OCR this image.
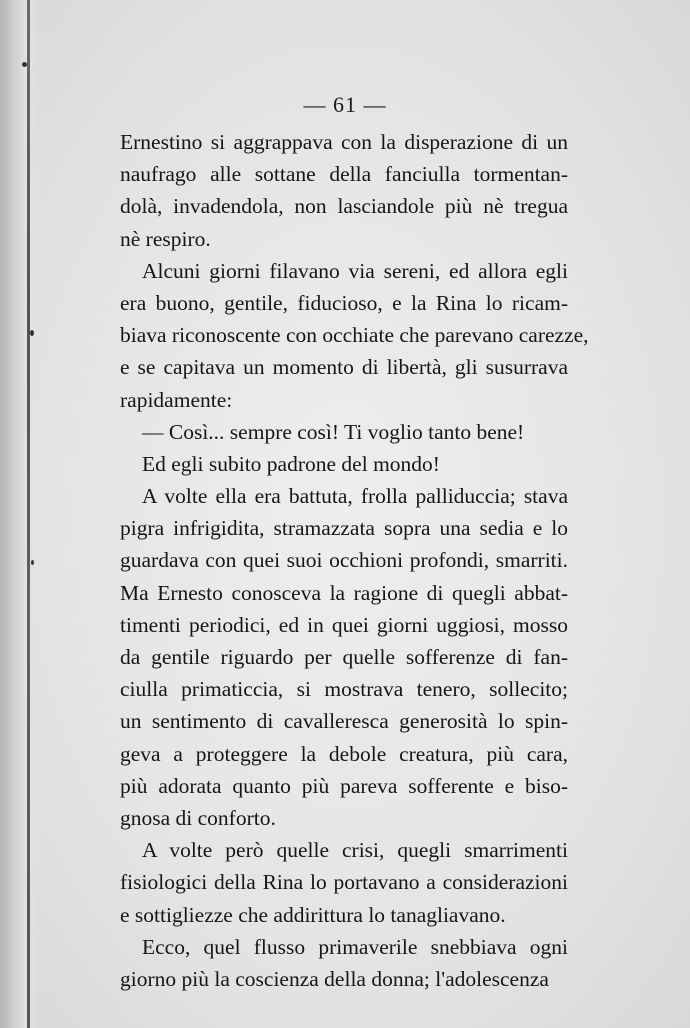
— 61 —
Ernestino si aggrappava con la disperazione di un
naufrago alle sottane della fanciulla tormentan-
dolà, invadendola, non lasciandole più nè tregua
nè respiro.
Alcuni giorni filavano via sereni, ed allora egli
era buono, gentile, fiducioso, e la Rina lo ricam-
biava riconoscente con occhiate che parevano carezze,
e se capitava un momento di libertà, gli susurrava
rapidamente:
— Così... sempre così! Ti voglio tanto bene!
Ed egli subito padrone del mondo!
A volte ella era battuta, frolla palliduccia; stava
pigra infrigidita, stramazzata sopra una sedia e lo
guardava con quei suoi occhioni profondi, smarriti.
Ma Ernesto conosceva la ragione di quegli abbat-
timenti periodici, ed in quei giorni uggiosi, mosso
da gentile riguardo per quelle sofferenze di fan-
ciulla primaticcia, si mostrava tenero, sollecito;
un sentimento di cavalleresca generosità lo spin-
geva a proteggere la debole creatura, più cara,
più adorata quanto più pareva sofferente e biso-
gnosa di conforto.
A volte però quelle crisi, quegli smarrimenti
fisiologici della Rina lo portavano a considerazioni
e sottigliezze che addirittura lo tanagliavano.
Ecco, quel flusso primaverile snebbiava ogni
giorno più la coscienza della donna; l'adolescenza
